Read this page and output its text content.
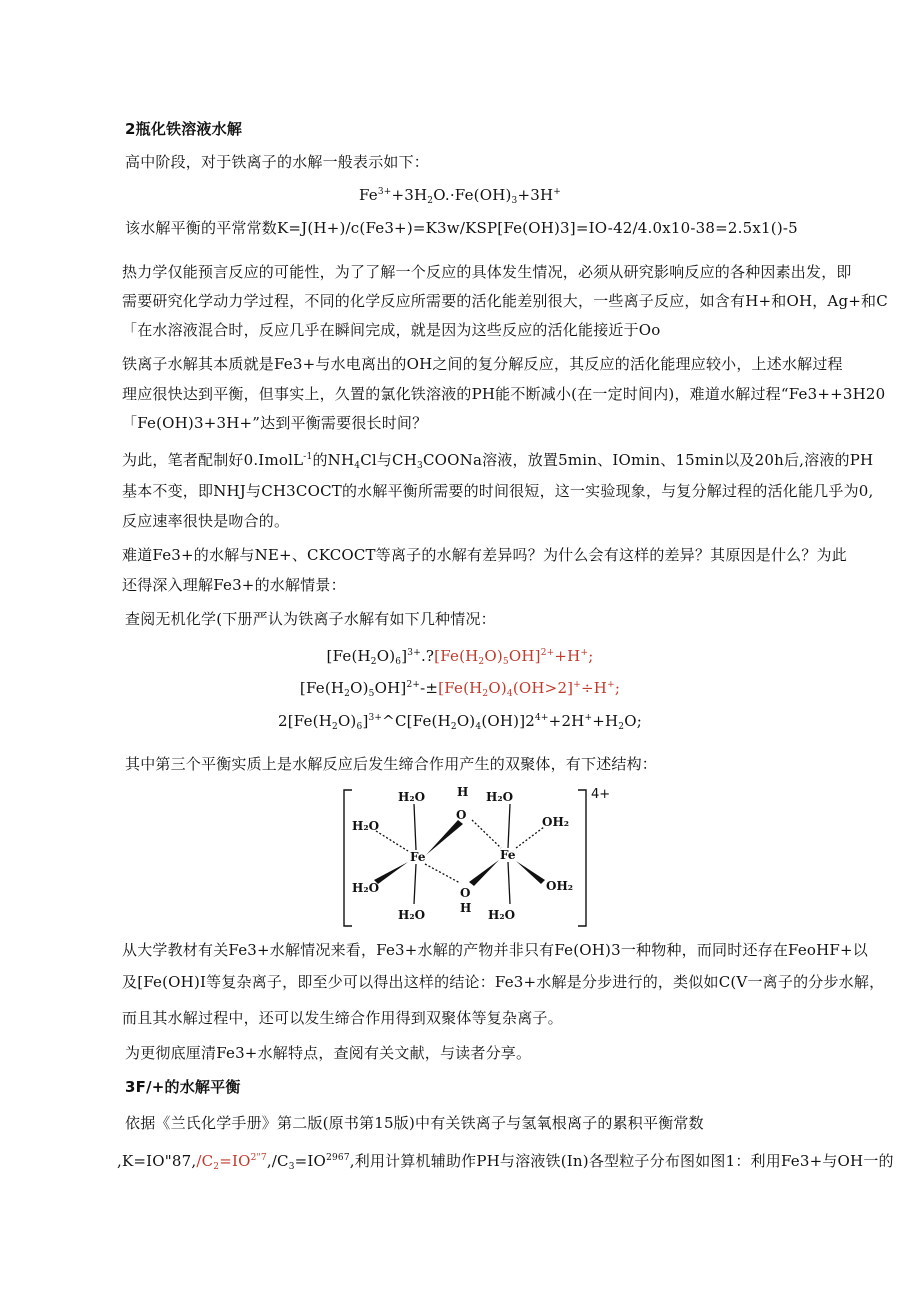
2瓶化铁溶液水解
高中阶段，对于铁离子的水解一般表示如下：
$Fe^{3+}+3H_2O.\cdot Fe(OH)_3+3H^+$
该水解平衡的平常常数K=J(H+)/c(Fe3+)=K3w/KSP[Fe(OH)3]=IO-42/4.0x10-38=2.5x1()-5
热力学仅能预言反应的可能性，为了了解一个反应的具体发生情况，必须从研究影响反应的各种因素出发，即
需要研究化学动力学过程，不同的化学反应所需要的活化能差别很大，一些离子反应，如含有H+和OH，Ag+和C
「在水溶液混合时，反应几乎在瞬间完成，就是因为这些反应的活化能接近于Oo
铁离子水解其本质就是Fe3+与水电离出的OH之间的复分解反应，其反应的活化能理应较小，上述水解过程
理应很快达到平衡，但事实上，久置的氯化铁溶液的PH能不断减小(在一定时间内)，难道水解过程“Fe3++3H20
「Fe(OH)3+3H+”达到平衡需要很长时间？
为此，笔者配制好0.ImolL$^{-1}$的$NH_4Cl$与$CH_3COONa$溶液，放置5min、IOmin、15min以及20h后,溶液的PH
基本不变，即NHJ与CH3COCT的水解平衡所需要的时间很短，这一实验现象，与复分解过程的活化能几乎为0,
反应速率很快是吻合的。
难道Fe3+的水解与NE+、CKCOCT等离子的水解有差异吗？为什么会有这样的差异？其原因是什么？为此
还得深入理解Fe3+的水解情景：
查阅无机化学(下册严认为铁离子水解有如下几种情况：
$[Fe(H_2O)_6]^{3+}.?[Fe(H_2O)_5OH]^{2+}+H^+$;
$[Fe(H_2O)_5OH]^{2+}-\pm[Fe(H_2O)_4(OH>2]^+\div H^+$;
$2[Fe(H_2O)_6]^{3+}\^{}C[Fe(H_2O)_4(OH)]2^{4+}+2H^++H_2O$;
其中第三个平衡实质上是水解反应后发生缔合作用产生的双聚体，有下述结构：
4+
H₂O	H
O
H₂O
H₂O	OH₂
Fe	Fe
H₂O	OH₂
O
H
H₂O	H₂O
从大学教材有关Fe3+水解情况来看，Fe3+水解的产物并非只有Fe(OH)3一种物种，而同时还存在FeoHF+以
及[Fe(OH)I等复杂离子，即至少可以得出这样的结论：Fe3+水解是分步进行的，类似如C(V一离子的分步水解，
而且其水解过程中，还可以发生缔合作用得到双聚体等复杂离子。
为更彻底厘清Fe3+水解特点，查阅有关文献，与读者分享。
3F/+的水解平衡
依据《兰氏化学手册》第二版(原书第15版)中有关铁离子与氢氧根离子的累积平衡常数
$,K=IO"87,/C_2=IO^{2"7},/C_3=IO^{2967}$,利用计算机辅助作PH与溶液铁(In)各型粒子分布图如图1：利用Fe3+与OH一的
